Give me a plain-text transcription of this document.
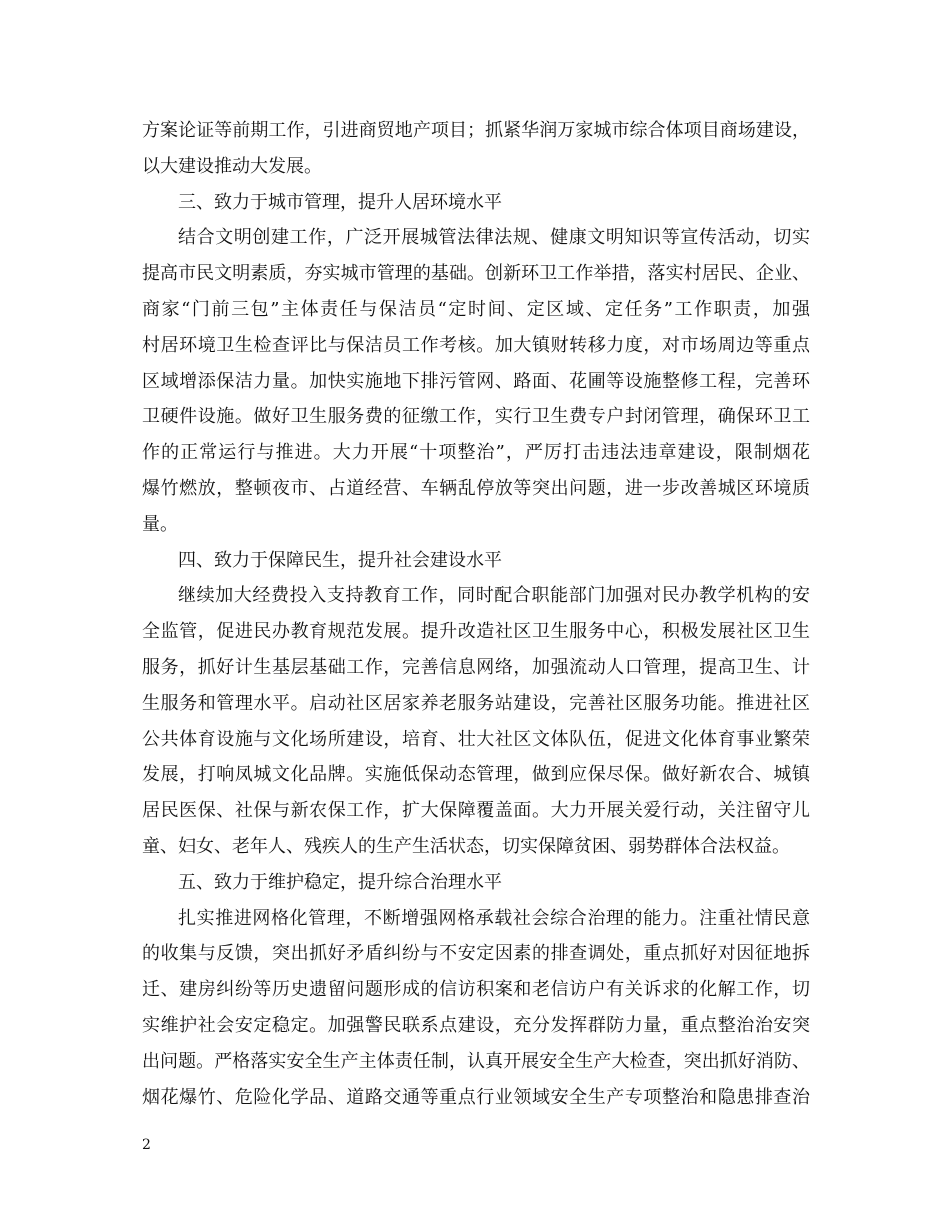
方案论证等前期工作，引进商贸地产项目；抓紧华润万家城市综合体项目商场建设，
以大建设推动大发展。
三、致力于城市管理，提升人居环境水平
结合文明创建工作，广泛开展城管法律法规、健康文明知识等宣传活动，切实
提高市民文明素质，夯实城市管理的基础。创新环卫工作举措，落实村居民、企业、
商家“门前三包”主体责任与保洁员“定时间、定区域、定任务”工作职责，加强
村居环境卫生检查评比与保洁员工作考核。加大镇财转移力度，对市场周边等重点
区域增添保洁力量。加快实施地下排污管网、路面、花圃等设施整修工程，完善环
卫硬件设施。做好卫生服务费的征缴工作，实行卫生费专户封闭管理，确保环卫工
作的正常运行与推进。大力开展“十项整治”，严厉打击违法违章建设，限制烟花
爆竹燃放，整顿夜市、占道经营、车辆乱停放等突出问题，进一步改善城区环境质
量。
四、致力于保障民生，提升社会建设水平
继续加大经费投入支持教育工作，同时配合职能部门加强对民办教学机构的安
全监管，促进民办教育规范发展。提升改造社区卫生服务中心，积极发展社区卫生
服务，抓好计生基层基础工作，完善信息网络，加强流动人口管理，提高卫生、计
生服务和管理水平。启动社区居家养老服务站建设，完善社区服务功能。推进社区
公共体育设施与文化场所建设，培育、壮大社区文体队伍，促进文化体育事业繁荣
发展，打响凤城文化品牌。实施低保动态管理，做到应保尽保。做好新农合、城镇
居民医保、社保与新农保工作，扩大保障覆盖面。大力开展关爱行动，关注留守儿
童、妇女、老年人、残疾人的生产生活状态，切实保障贫困、弱势群体合法权益。
五、致力于维护稳定，提升综合治理水平
扎实推进网格化管理，不断增强网格承载社会综合治理的能力。注重社情民意
的收集与反馈，突出抓好矛盾纠纷与不安定因素的排查调处，重点抓好对因征地拆
迁、建房纠纷等历史遗留问题形成的信访积案和老信访户有关诉求的化解工作，切
实维护社会安定稳定。加强警民联系点建设，充分发挥群防力量，重点整治治安突
出问题。严格落实安全生产主体责任制，认真开展安全生产大检查，突出抓好消防、
烟花爆竹、危险化学品、道路交通等重点行业领域安全生产专项整治和隐患排查治
2
